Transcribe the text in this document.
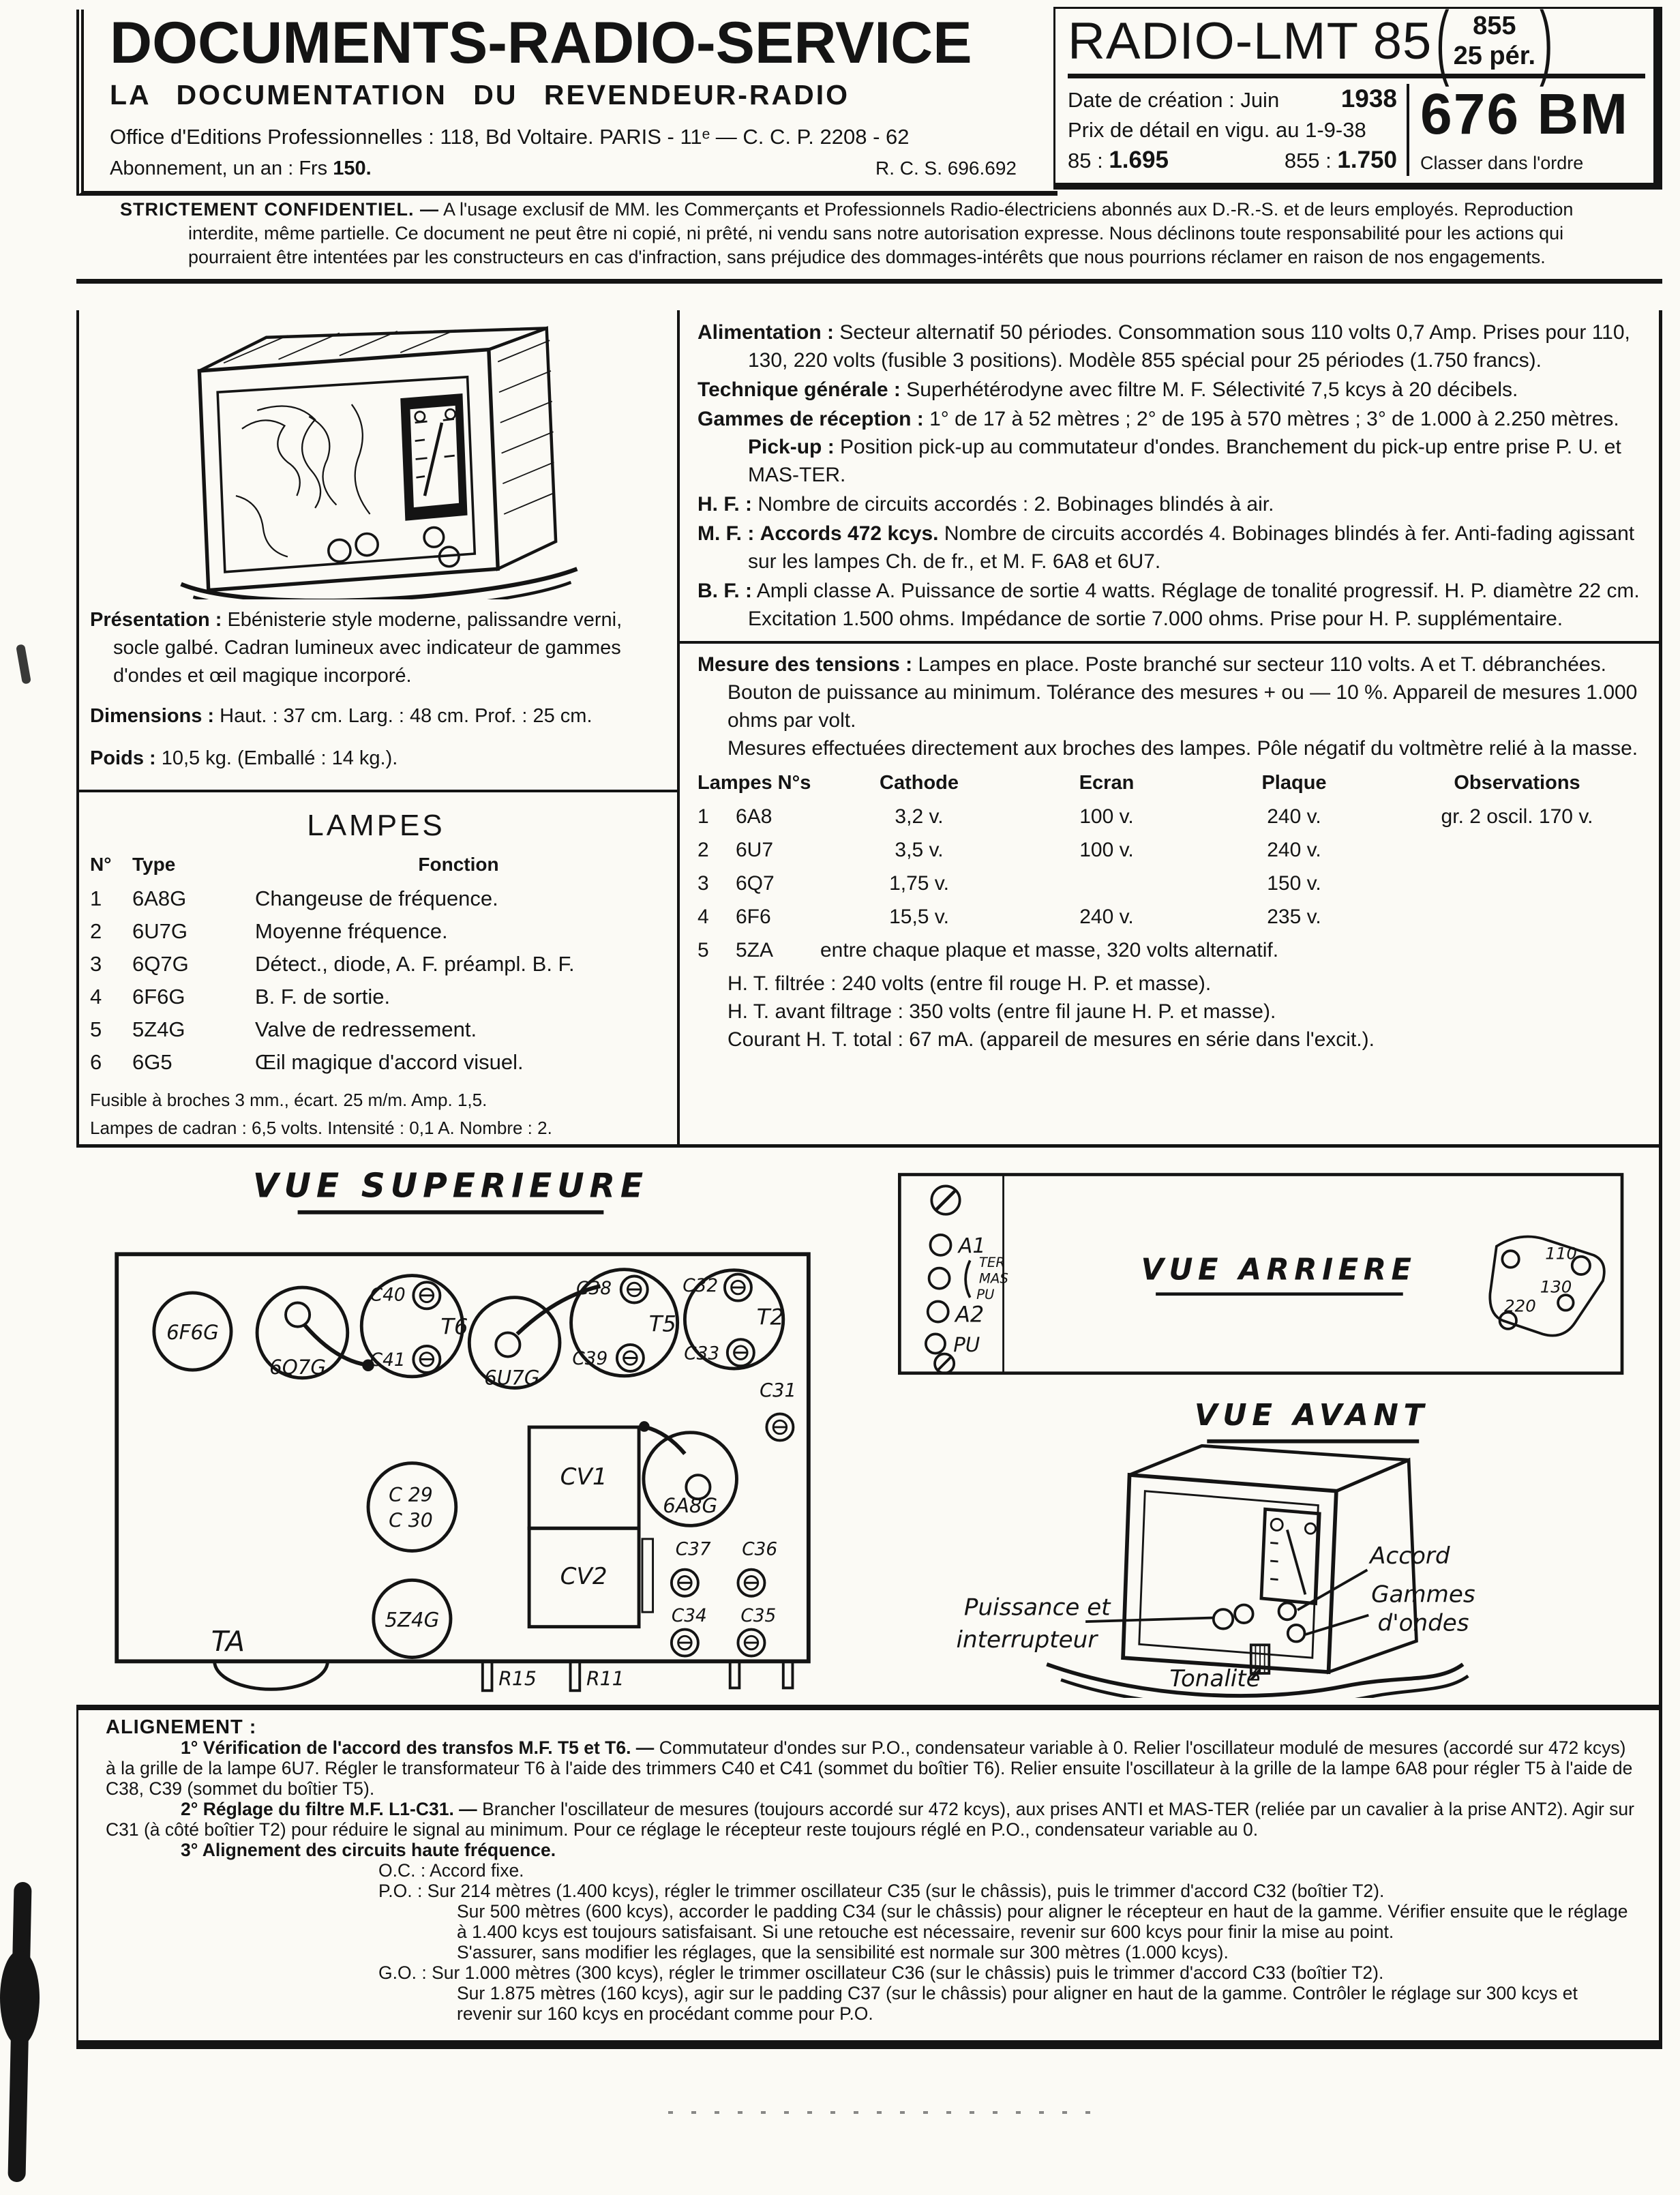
DOCUMENTS-RADIO-SERVICE
LA DOCUMENTATION DU REVENDEUR-RADIO
Office d'Editions Professionnelles : 118, Bd Voltaire. PARIS - 11ᵉ — C. C. P. 2208 - 62
Abonnement, un an : Frs 150.	R. C. S. 696.692
RADIO-LMT 85 ( 855
25 pér. )
Date de création : Juin 1938
Prix de détail en vigu. au 1-9-38
85 : 1.695	855 : 1.750
676 BM
Classer dans l'ordre

STRICTEMENT CONFIDENTIEL. — A l'usage exclusif de MM. les Commerçants et Professionnels Radio-électriciens abonnés aux D.-R.-S. et de leurs employés. Reproduction interdite, même partielle. Ce document ne peut être ni copié, ni prêté, ni vendu sans notre autorisation expresse. Nous déclinons toute responsabilité pour les actions qui pourraient être intentées par les constructeurs en cas d'infraction, sans préjudice des dommages-intérêts que nous pourrions réclamer en raison de nos engagements.

Présentation : Ebénisterie style moderne, palissandre verni, socle galbé. Cadran lumineux avec indicateur de gammes d'ondes et œil magique incorporé.

Dimensions : Haut. : 37 cm. Larg. : 48 cm. Prof. : 25 cm.

Poids : 10,5 kg. (Emballé : 14 kg.).

LAMPES
N°	Type	Fonction
1	6A8G	Changeuse de fréquence.
2	6U7G	Moyenne fréquence.
3	6Q7G	Détect., diode, A. F. préampl. B. F.
4	6F6G	B. F. de sortie.
5	5Z4G	Valve de redressement.
6	6G5	Œil magique d'accord visuel.
Fusible à broches 3 mm., écart. 25 m/m. Amp. 1,5.
Lampes de cadran : 6,5 volts. Intensité : 0,1 A. Nombre : 2.

Alimentation : Secteur alternatif 50 périodes. Consommation sous 110 volts 0,7 Amp. Prises pour 110, 130, 220 volts (fusible 3 positions). Modèle 855 spécial pour 25 périodes (1.750 francs).

Technique générale : Superhétérodyne avec filtre M. F. Sélectivité 7,5 kcys à 20 décibels.

Gammes de réception : 1° de 17 à 52 mètres ; 2° de 195 à 570 mètres ; 3° de 1.000 à 2.250 mètres. Pick-up : Position pick-up au commutateur d'ondes. Branchement du pick-up entre prise P. U. et MAS-TER.

H. F. : Nombre de circuits accordés : 2. Bobinages blindés à air.

M. F. : Accords 472 kcys. Nombre de circuits accordés 4. Bobinages blindés à fer. Anti-fading agissant sur les lampes Ch. de fr., et M. F. 6A8 et 6U7.

B. F. : Ampli classe A. Puissance de sortie 4 watts. Réglage de tonalité progressif. H. P. diamètre 22 cm. Excitation 1.500 ohms. Impédance de sortie 7.000 ohms. Prise pour H. P. supplémentaire.

Mesure des tensions : Lampes en place. Poste branché sur secteur 110 volts. A et T. débranchées. Bouton de puissance au minimum. Tolérance des mesures + ou — 10 %. Appareil de mesures 1.000 ohms par volt.

Mesures effectuées directement aux broches des lampes. Pôle négatif du voltmètre relié à la masse.

Lampes N°s		Cathode	Ecran	Plaque	Observations
1	6A8	3,2 v.	100 v.	240 v.	gr. 2 oscil. 170 v.
2	6U7	3,5 v.	100 v.	240 v.	
3	6Q7	1,75 v.		150 v.	
4	6F6	15,5 v.	240 v.	235 v.	
5	5ZA	entre chaque plaque et masse, 320 volts alternatif.			

H. T. filtrée : 240 volts (entre fil rouge H. P. et masse).

H. T. avant filtrage : 350 volts (entre fil jaune H. P. et masse).

Courant H. T. total : 67 mA. (appareil de mesures en série dans l'excit.).

VUE SUPERIEURE
6F6G
6Q7G
C40
C41
T6
6U7G
C38
C39
T5
C32
C33
T2
C31
C 29
C 30
CV1
CV2
6A8G
C37 C36
C34 C35
5Z4G
TA
R15	R11
A1
TER
MAS
PU
A2
PU
VUE ARRIERE	110
130
220
VUE AVANT
Puissance et
interrupteur
Accord
Gammes
d'ondes
Tonalité

ALIGNEMENT :

1° Vérification de l'accord des transfos M.F. T5 et T6. — Commutateur d'ondes sur P.O., condensateur variable à 0. Relier l'oscillateur modulé de mesures (accordé sur 472 kcys) à la grille de la lampe 6U7. Régler le transformateur T6 à l'aide des trimmers C40 et C41 (sommet du boîtier T6). Relier ensuite l'oscillateur à la grille de la lampe 6A8 pour régler T5 à l'aide de C38, C39 (sommet du boîtier T5).

2° Réglage du filtre M.F. L1-C31. — Brancher l'oscillateur de mesures (toujours accordé sur 472 kcys), aux prises ANTI et MAS-TER (reliée par un cavalier à la prise ANT2). Agir sur C31 (à côté boîtier T2) pour réduire le signal au minimum. Pour ce réglage le récepteur reste toujours réglé en P.O., condensateur variable au 0.

3° Alignement des circuits haute fréquence.

O.C. : Accord fixe.

P.O. : Sur 214 mètres (1.400 kcys), régler le trimmer oscillateur C35 (sur le châssis), puis le trimmer d'accord C32 (boîtier T2).

Sur 500 mètres (600 kcys), accorder le padding C34 (sur le châssis) pour aligner le récepteur en haut de la gamme. Vérifier ensuite que le réglage à 1.400 kcys est toujours satisfaisant. Si une retouche est nécessaire, revenir sur 600 kcys pour finir la mise au point.

S'assurer, sans modifier les réglages, que la sensibilité est normale sur 300 mètres (1.000 kcys).

G.O. : Sur 1.000 mètres (300 kcys), régler le trimmer oscillateur C36 (sur le châssis) puis le trimmer d'accord C33 (boîtier T2).

Sur 1.875 mètres (160 kcys), agir sur le padding C37 (sur le châssis) pour aligner en haut de la gamme. Contrôler le réglage sur 300 kcys et revenir sur 160 kcys en procédant comme pour P.O.
